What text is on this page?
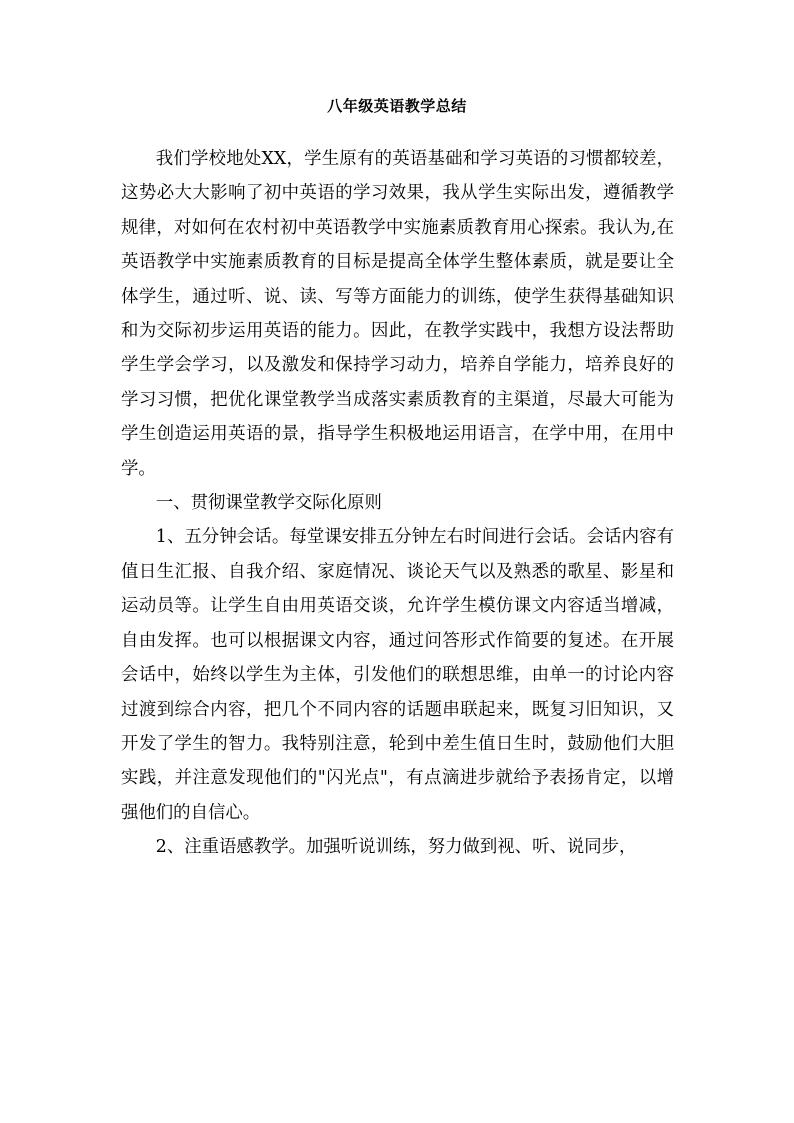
八年级英语教学总结

我们学校地处XX，学生原有的英语基础和学习英语的习惯都较差，这势必大大影响了初中英语的学习效果，我从学生实际出发，遵循教学规律，对如何在农村初中英语教学中实施素质教育用心探索。我认为,在英语教学中实施素质教育的目标是提高全体学生整体素质，就是要让全体学生，通过听、说、读、写等方面能力的训练，使学生获得基础知识和为交际初步运用英语的能力。因此，在教学实践中，我想方设法帮助学生学会学习，以及激发和保持学习动力，培养自学能力，培养良好的学习习惯，把优化课堂教学当成落实素质教育的主渠道，尽最大可能为学生创造运用英语的景，指导学生积极地运用语言，在学中用，在用中学。

一、贯彻课堂教学交际化原则

1、五分钟会话。每堂课安排五分钟左右时间进行会话。会话内容有值日生汇报、自我介绍、家庭情况、谈论天气以及熟悉的歌星、影星和运动员等。让学生自由用英语交谈，允许学生模仿课文内容适当增减，自由发挥。也可以根据课文内容，通过问答形式作简要的复述。在开展会话中，始终以学生为主体，引发他们的联想思维，由单一的讨论内容过渡到综合内容，把几个不同内容的话题串联起来，既复习旧知识，又开发了学生的智力。我特别注意，轮到中差生值日生时，鼓励他们大胆实践，并注意发现他们的"闪光点"，有点滴进步就给予表扬肯定，以增强他们的自信心。

2、注重语感教学。加强听说训练，努力做到视、听、说同步，
